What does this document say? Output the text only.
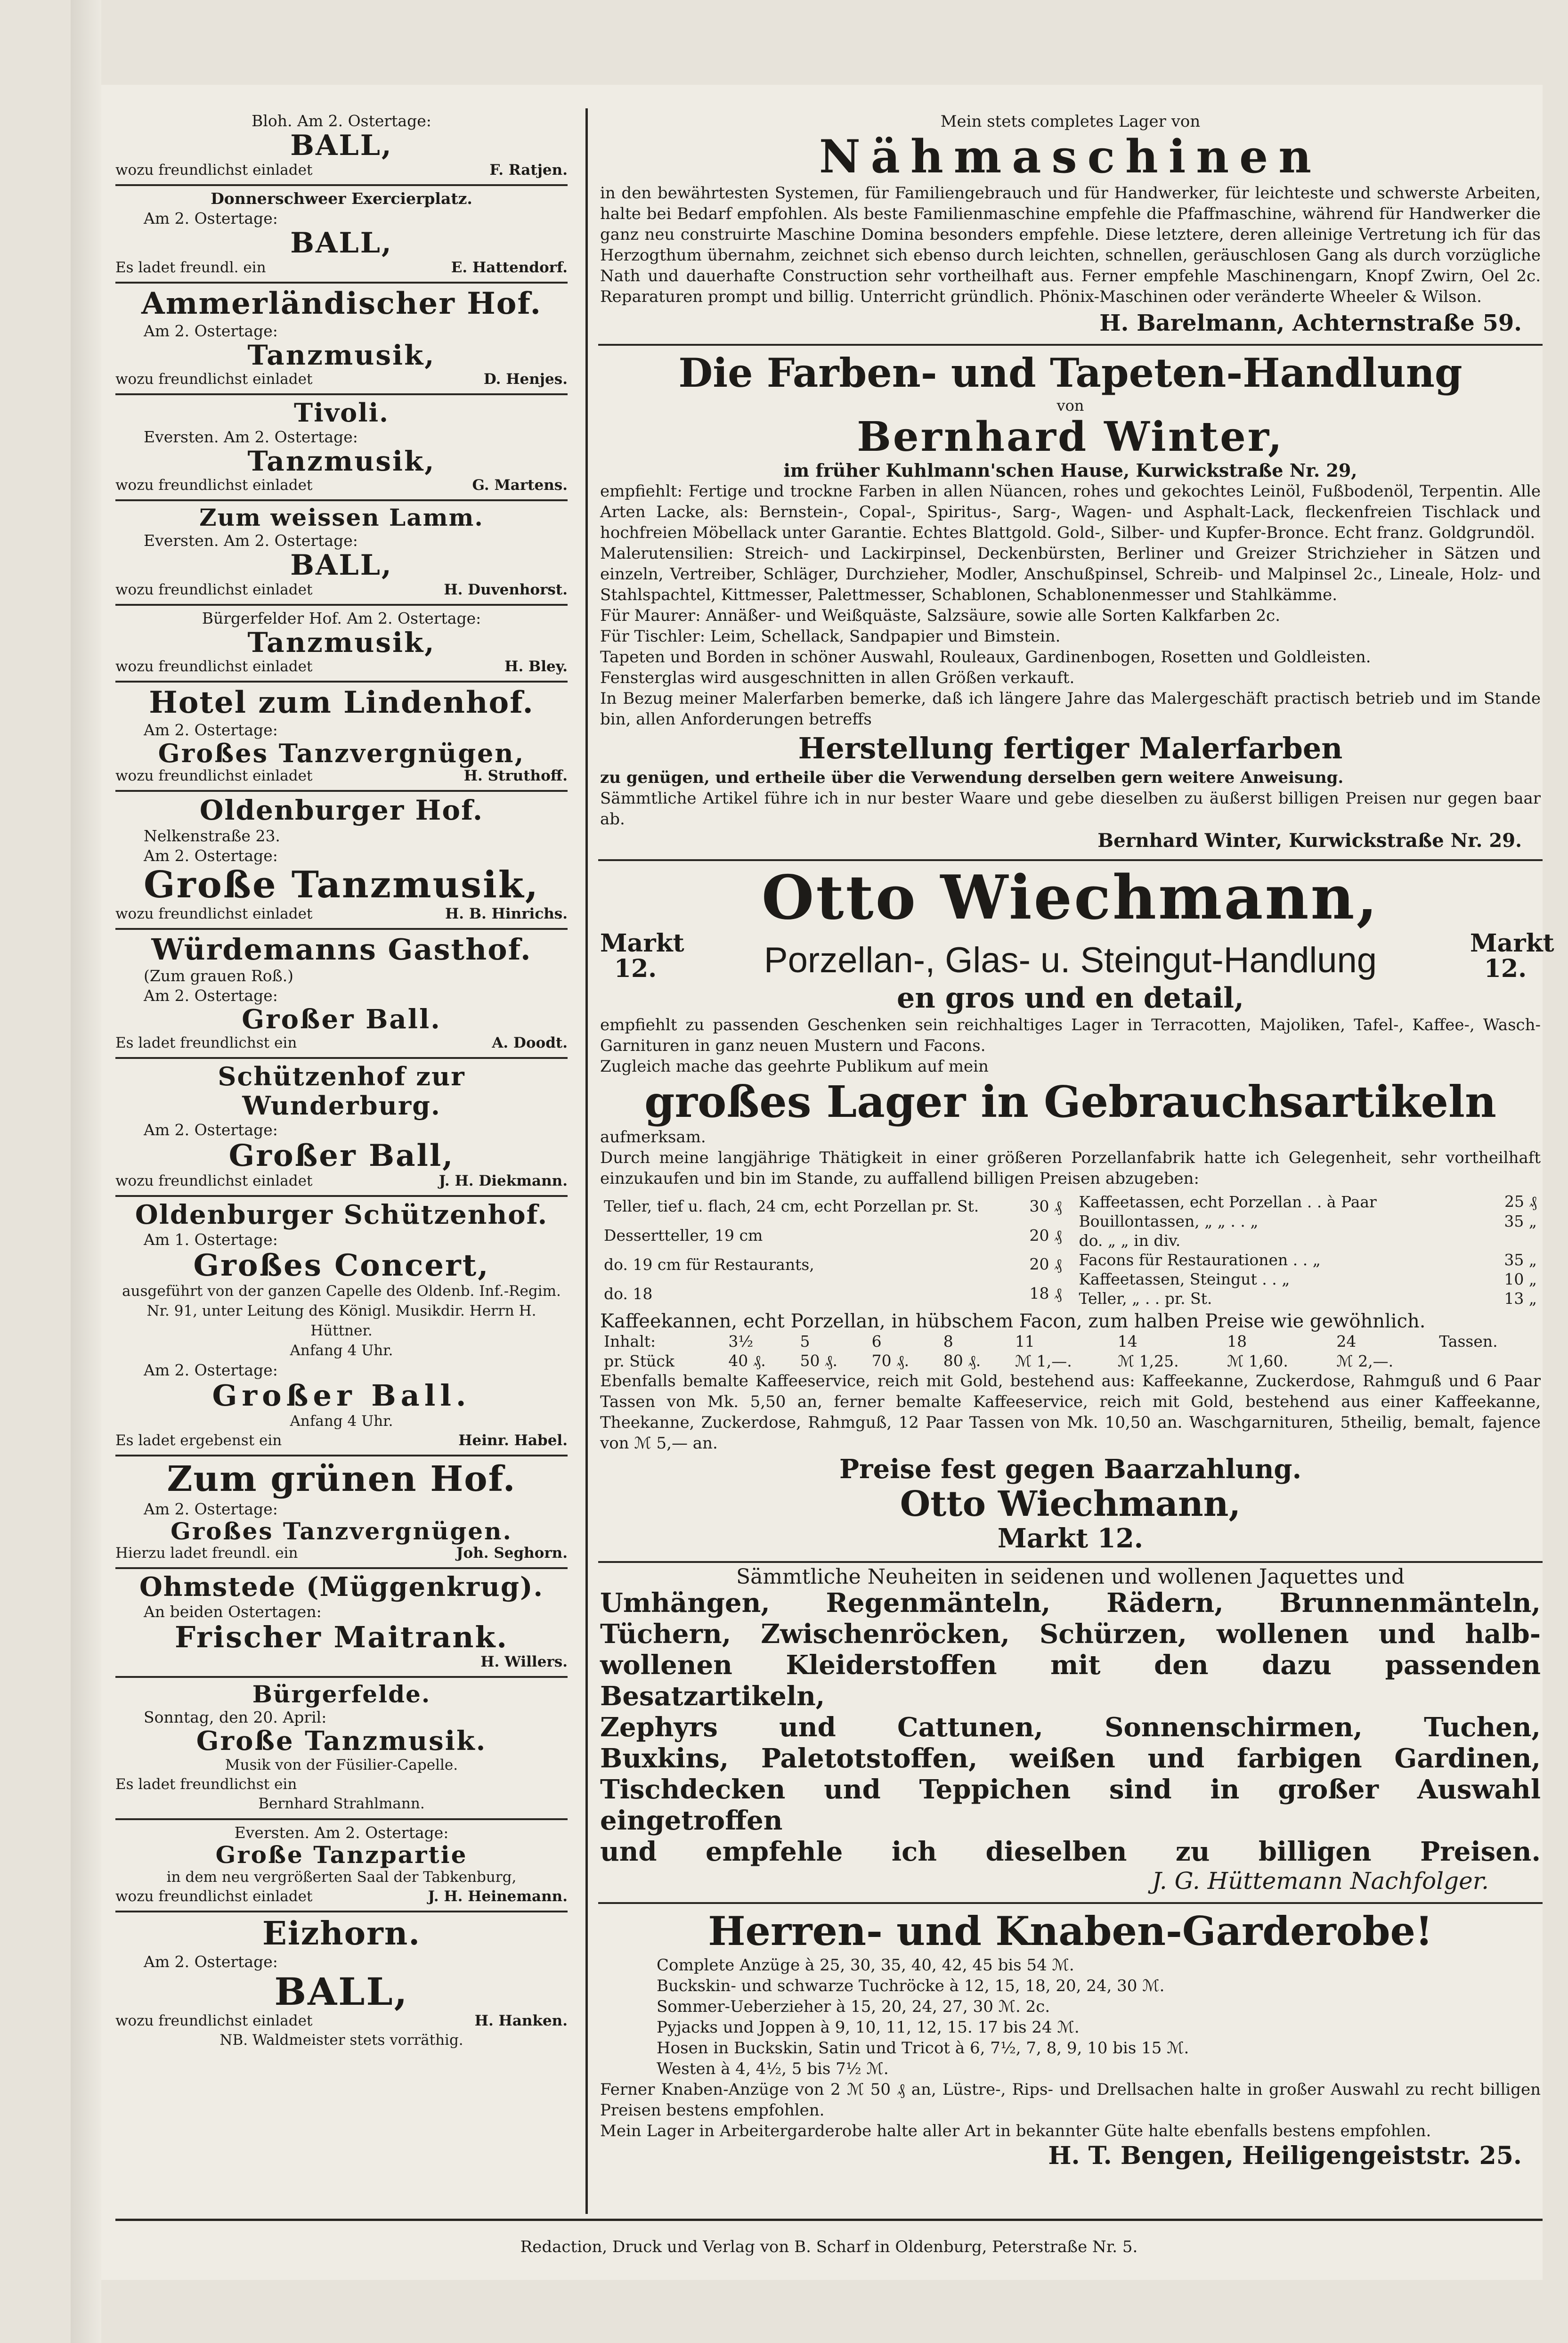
Bloh. Am 2. Ostertage:
BALL,
wozu freundlichst einladet	F. Ratjen.
Donnerschweer Exercierplatz.
Am 2. Ostertage:
BALL,
Es ladet freundl. ein	E. Hattendorf.
Ammerländischer Hof.
Am 2. Ostertage:
Tanzmusik,
wozu freundlichst einladet	D. Henjes.
Tivoli.
Eversten. Am 2. Ostertage:
Tanzmusik,
wozu freundlichst einladet	G. Martens.
Zum weissen Lamm.
Eversten. Am 2. Ostertage:
BALL,
wozu freundlichst einladet	H. Duvenhorst.
Bürgerfelder Hof. Am 2. Ostertage:
Tanzmusik,
wozu freundlichst einladet	H. Bley.
Hotel zum Lindenhof.
Am 2. Ostertage:
Großes Tanzvergnügen,
wozu freundlichst einladet	H. Struthoff.
Oldenburger Hof.
Nelkenstraße 23.
Am 2. Ostertage:
Große Tanzmusik,
wozu freundlichst einladet	H. B. Hinrichs.
Würdemanns Gasthof.
(Zum grauen Roß.)
Am 2. Ostertage:
Großer Ball.
Es ladet freundlichst ein	A. Doodt.
Schützenhof zur Wunderburg.
Am 2. Ostertage:
Großer Ball,
wozu freundlichst einladet	J. H. Diekmann.
Oldenburger Schützenhof.
Am 1. Ostertage:
Großes Concert,
ausgeführt von der ganzen Capelle des Oldenb. Inf.-Regim. Nr. 91, unter Leitung des Königl. Musikdir. Herrn H. Hüttner.
Anfang 4 Uhr.
Am 2. Ostertage:
Großer Ball.
Anfang 4 Uhr.
Es ladet ergebenst ein	Heinr. Habel.
Zum grünen Hof.
Am 2. Ostertage:
Großes Tanzvergnügen.
Hierzu ladet freundl. ein	Joh. Seghorn.
Ohmstede (Müggenkrug).
An beiden Ostertagen:
Frischer Maitrank.
H. Willers.
Bürgerfelde.
Sonntag, den 20. April:
Große Tanzmusik.
Musik von der Füsilier-Capelle.
Es ladet freundlichst ein
Bernhard Strahlmann.
Eversten. Am 2. Ostertage:
Große Tanzpartie
in dem neu vergrößerten Saal der Tabkenburg,
wozu freundlichst einladet	J. H. Heinemann.
Eizhorn.
Am 2. Ostertage:
BALL,
wozu freundlichst einladet	H. Hanken.
NB. Waldmeister stets vorräthig.
Mein stets completes Lager von
Nähmaschinen
in den bewährtesten Systemen, für Familiengebrauch und für Handwerker, für leichteste und schwerste Arbeiten, halte bei Bedarf empfohlen. Als beste Familienmaschine empfehle die Pfaffmaschine, während für Handwerker die ganz neu construirte Maschine Domina besonders empfehle. Diese letztere, deren alleinige Vertretung ich für das Herzogthum übernahm, zeichnet sich ebenso durch leichten, schnellen, geräuschlosen Gang als durch vorzügliche Nath und dauerhafte Construction sehr vortheilhaft aus. Ferner empfehle Maschinengarn, Knopf Zwirn, Oel 2c. Reparaturen prompt und billig. Unterricht gründlich. Phönix-Maschinen oder veränderte Wheeler & Wilson.
H. Barelmann, Achternstraße 59.
Die Farben- und Tapeten-Handlung
von
Bernhard Winter,
im früher Kuhlmann'schen Hause, Kurwickstraße Nr. 29,
empfiehlt: Fertige und trockne Farben in allen Nüancen, rohes und gekochtes Leinöl, Fußbodenöl, Terpentin. Alle Arten Lacke, als: Bernstein-, Copal-, Spiritus-, Sarg-, Wagen- und Asphalt-Lack, fleckenfreien Tischlack und hochfreien Möbellack unter Garantie. Echtes Blattgold. Gold-, Silber- und Kupfer-Bronce. Echt franz. Goldgrundöl.
Malerutensilien: Streich- und Lackirpinsel, Deckenbürsten, Berliner und Greizer Strichzieher in Sätzen und einzeln, Vertreiber, Schläger, Durchzieher, Modler, Anschußpinsel, Schreib- und Malpinsel 2c., Lineale, Holz- und Stahlspachtel, Kittmesser, Palettmesser, Schablonen, Schablonenmesser und Stahlkämme.
Für Maurer: Annäßer- und Weißquäste, Salzsäure, sowie alle Sorten Kalkfarben 2c.
Für Tischler: Leim, Schellack, Sandpapier und Bimstein.
Tapeten und Borden in schöner Auswahl, Rouleaux, Gardinenbogen, Rosetten und Goldleisten.
Fensterglas wird ausgeschnitten in allen Größen verkauft.
In Bezug meiner Malerfarben bemerke, daß ich längere Jahre das Malergeschäft practisch betrieb und im Stande bin, allen Anforderungen betreffs
Herstellung fertiger Malerfarben
zu genügen, und ertheile über die Verwendung derselben gern weitere Anweisung.
Sämmtliche Artikel führe ich in nur bester Waare und gebe dieselben zu äußerst billigen Preisen nur gegen baar ab.
Bernhard Winter, Kurwickstraße Nr. 29.
Otto Wiechmann,
Markt 12.	Porzellan-, Glas- u. Steingut-Handlung	Markt 12.
en gros und en detail,
empfiehlt zu passenden Geschenken sein reichhaltiges Lager in Terracotten, Majoliken, Tafel-, Kaffee-, Wasch-Garnituren in ganz neuen Mustern und Facons.
Zugleich mache das geehrte Publikum auf mein
großes Lager in Gebrauchsartikeln
aufmerksam.
Durch meine langjährige Thätigkeit in einer größeren Porzellanfabrik hatte ich Gelegenheit, sehr vortheilhaft einzukaufen und bin im Stande, zu auffallend billigen Preisen abzugeben:
Teller, tief u. flach, 24 cm, echt Porzellan pr. St.	30 ₰
Dessertteller, 19 cm	20 ₰
do. 19 cm für Restaurants,	20 ₰
do. 18	18 ₰
Kaffeetassen, echt Porzellan . . à Paar	25 ₰
Bouillontassen, „ „ . . „	35 „
do. „ „ in div.	
Facons für Restaurationen . . „	35 „
Kaffeetassen, Steingut . . „	10 „
Teller, „ . . pr. St.	13 „
Kaffeekannen, echt Porzellan, in hübschem Facon, zum halben Preise wie gewöhnlich.
Inhalt:	3½	5	6	8	11	14	18	24	Tassen.
pr. Stück	40 ₰.	50 ₰.	70 ₰.	80 ₰.	ℳ 1,—.	ℳ 1,25.	ℳ 1,60.	ℳ 2,—.	
Ebenfalls bemalte Kaffeeservice, reich mit Gold, bestehend aus: Kaffeekanne, Zuckerdose, Rahmguß und 6 Paar Tassen von Mk. 5,50 an, ferner bemalte Kaffeeservice, reich mit Gold, bestehend aus einer Kaffeekanne, Theekanne, Zuckerdose, Rahmguß, 12 Paar Tassen von Mk. 10,50 an. Waschgarnituren, 5theilig, bemalt, fajence von ℳ 5,— an.
Preise fest gegen Baarzahlung.
Otto Wiechmann,
Markt 12.
Sämmtliche Neuheiten in seidenen und wollenen Jaquettes und
Umhängen, Regenmänteln, Rädern, Brunnenmänteln,
Tüchern, Zwischenröcken, Schürzen, wollenen und halb-
wollenen Kleiderstoffen mit den dazu passenden Besatzartikeln,
Zephyrs und Cattunen, Sonnenschirmen, Tuchen,
Buxkins, Paletotstoffen, weißen und farbigen Gardinen,
Tischdecken und Teppichen sind in großer Auswahl eingetroffen
und empfehle ich dieselben zu billigen Preisen.
J. G. Hüttemann Nachfolger.
Herren- und Knaben-Garderobe!
Complete Anzüge à 25, 30, 35, 40, 42, 45 bis 54 ℳ.
Buckskin- und schwarze Tuchröcke à 12, 15, 18, 20, 24, 30 ℳ.
Sommer-Ueberzieher à 15, 20, 24, 27, 30 ℳ. 2c.
Pyjacks und Joppen à 9, 10, 11, 12, 15. 17 bis 24 ℳ.
Hosen in Buckskin, Satin und Tricot à 6, 7½, 7, 8, 9, 10 bis 15 ℳ.
Westen à 4, 4½, 5 bis 7½ ℳ.
Ferner Knaben-Anzüge von 2 ℳ 50 ₰ an, Lüstre-, Rips- und Drellsachen halte in großer Auswahl zu recht billigen Preisen bestens empfohlen.
Mein Lager in Arbeitergarderobe halte aller Art in bekannter Güte halte ebenfalls bestens empfohlen.
H. T. Bengen, Heiligengeiststr. 25.
Redaction, Druck und Verlag von B. Scharf in Oldenburg, Peterstraße Nr. 5.
